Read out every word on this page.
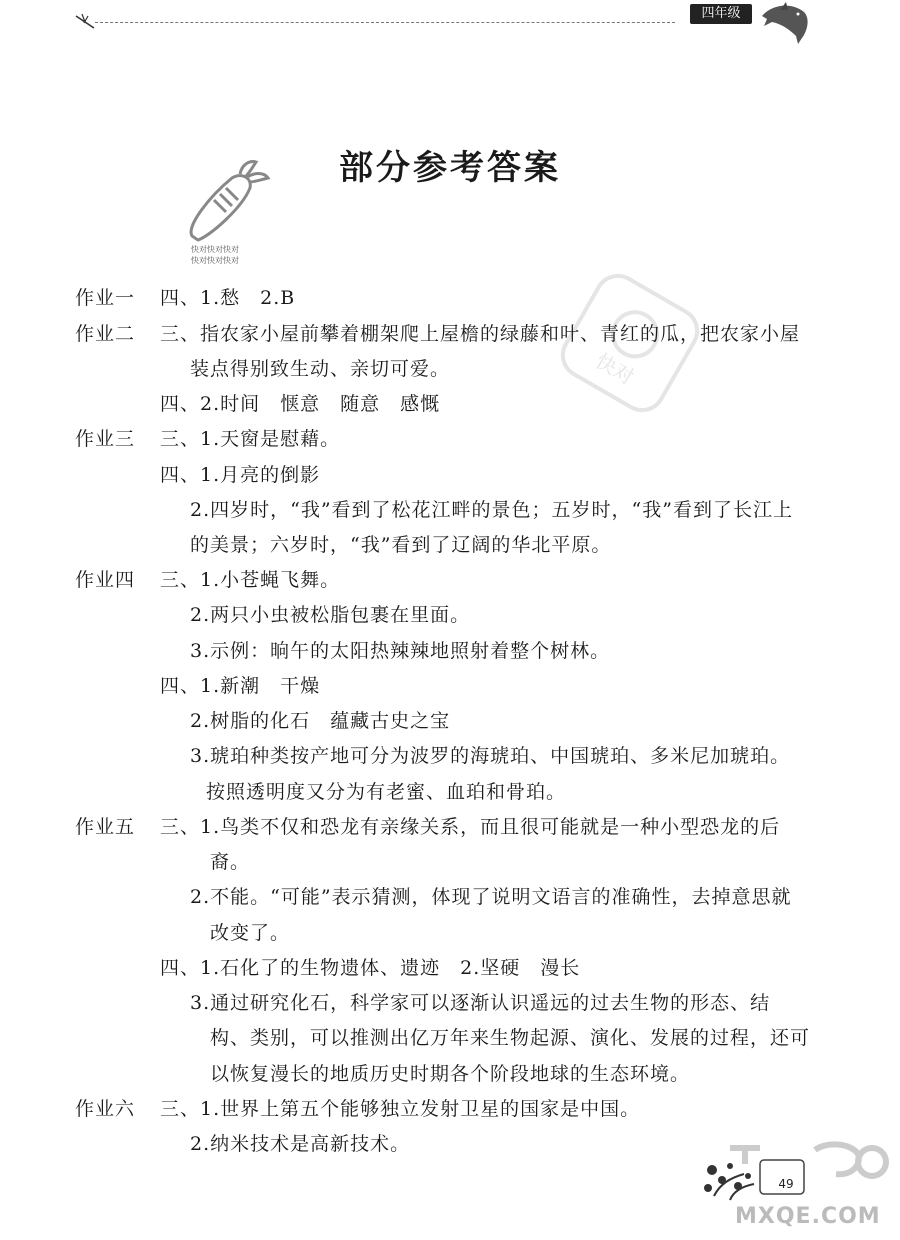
四年级
快对快对快对
快对快对快对
快对
部分参考答案
作业一 四、1.愁　2.B
作业二 三、指农家小屋前攀着棚架爬上屋檐的绿藤和叶、青红的瓜，把农家小屋
装点得别致生动、亲切可爱。
四、2.时间　惬意　随意　感慨
作业三 三、1.天窗是慰藉。
四、1.月亮的倒影
2.四岁时，“我”看到了松花江畔的景色；五岁时，“我”看到了长江上
的美景；六岁时，“我”看到了辽阔的华北平原。
作业四 三、1.小苍蝇飞舞。
2.两只小虫被松脂包裹在里面。
3.示例：晌午的太阳热辣辣地照射着整个树林。
四、1.新潮　干燥
2.树脂的化石　蕴藏古史之宝
3.琥珀种类按产地可分为波罗的海琥珀、中国琥珀、多米尼加琥珀。
按照透明度又分为有老蜜、血珀和骨珀。
作业五 三、1.鸟类不仅和恐龙有亲缘关系，而且很可能就是一种小型恐龙的后
裔。
2.不能。“可能”表示猜测，体现了说明文语言的准确性，去掉意思就
改变了。
四、1.石化了的生物遗体、遗迹　2.坚硬　漫长
3.通过研究化石，科学家可以逐渐认识遥远的过去生物的形态、结
构、类别，可以推测出亿万年来生物起源、演化、发展的过程，还可
以恢复漫长的地质历史时期各个阶段地球的生态环境。
作业六 三、1.世界上第五个能够独立发射卫星的国家是中国。
2.纳米技术是高新技术。
49
MXQE.COM
